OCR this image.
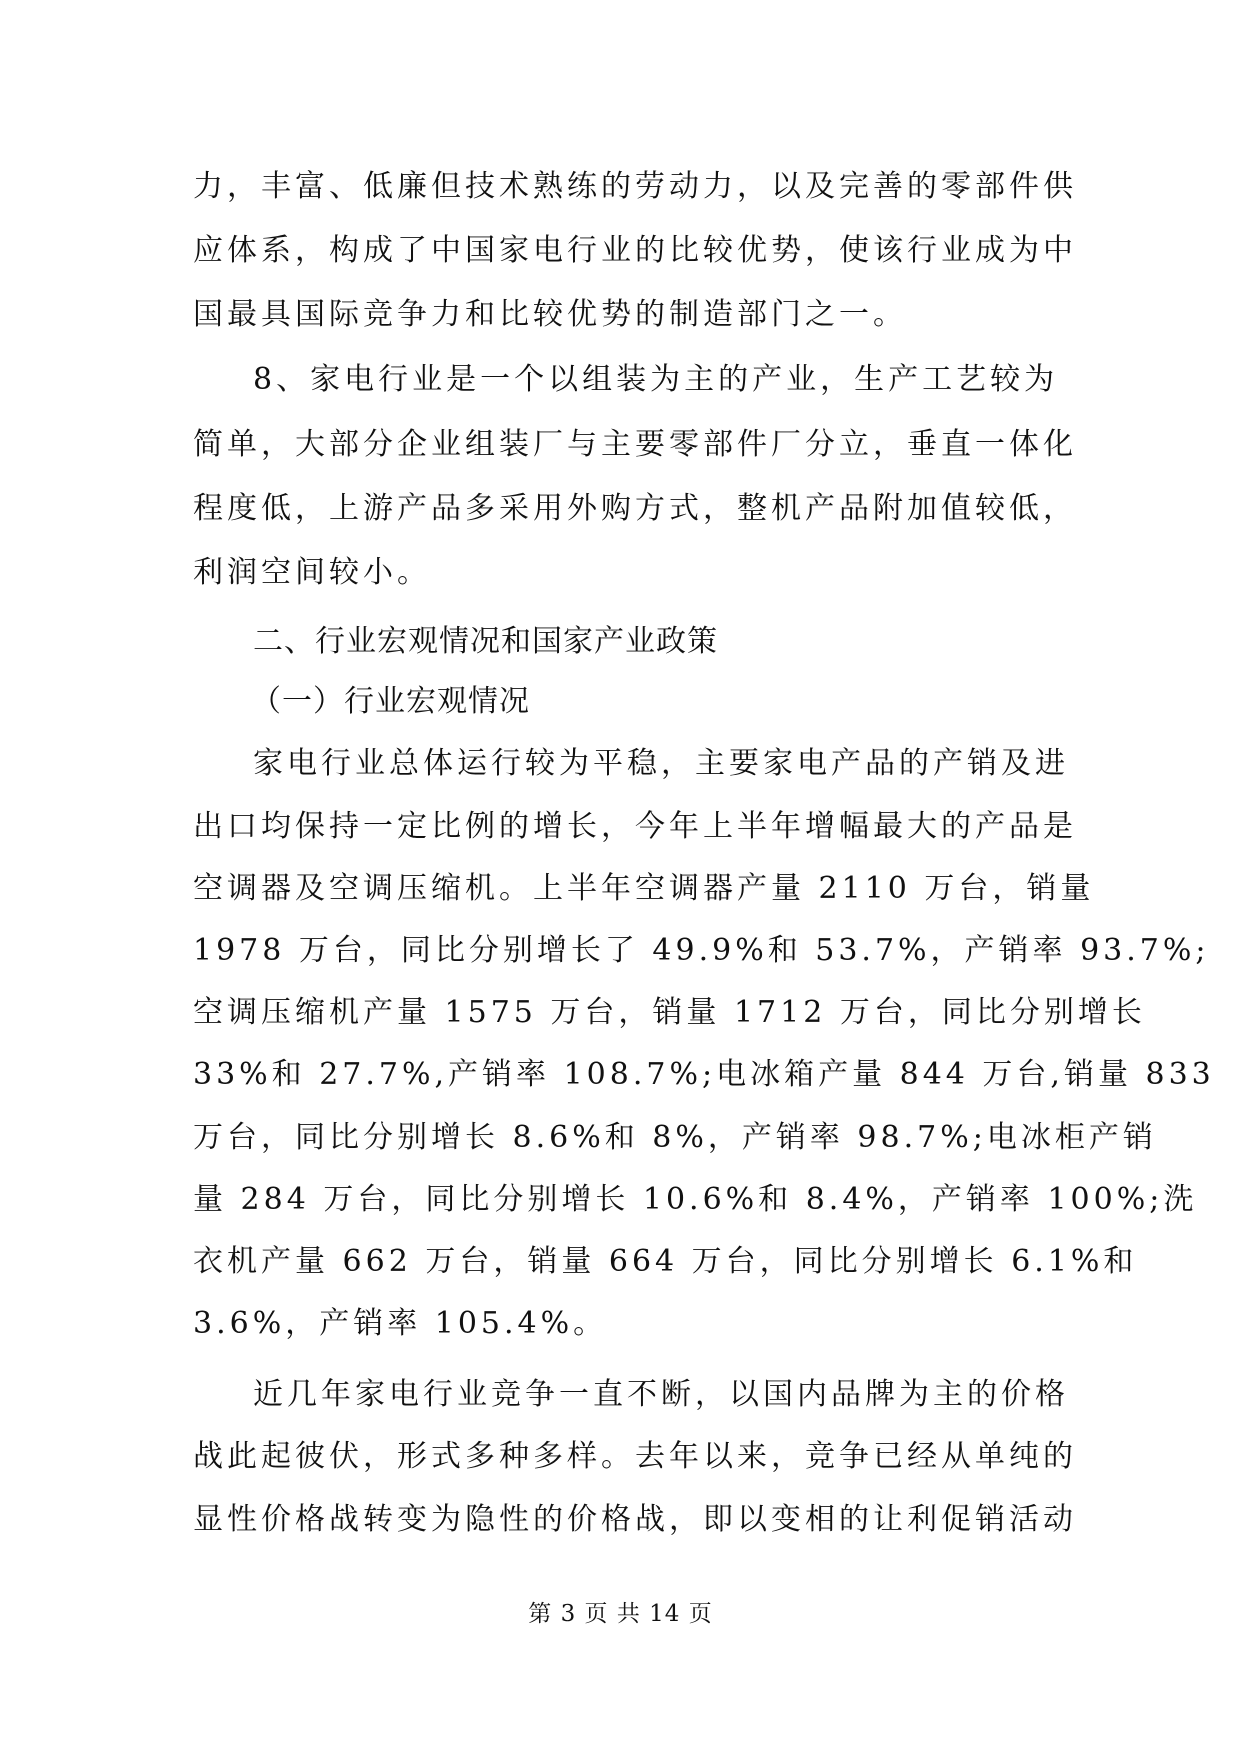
力，丰富、低廉但技术熟练的劳动力，以及完善的零部件供
应体系，构成了中国家电行业的比较优势，使该行业成为中
国最具国际竞争力和比较优势的制造部门之一。
8、家电行业是一个以组装为主的产业，生产工艺较为
简单，大部分企业组装厂与主要零部件厂分立，垂直一体化
程度低，上游产品多采用外购方式，整机产品附加值较低，
利润空间较小。
二、行业宏观情况和国家产业政策
（一）行业宏观情况
家电行业总体运行较为平稳，主要家电产品的产销及进
出口均保持一定比例的增长，今年上半年增幅最大的产品是
空调器及空调压缩机。上半年空调器产量 2110 万台，销量
1978 万台，同比分别增长了 49.9%和 53.7%，产销率 93.7%;
空调压缩机产量 1575 万台，销量 1712 万台，同比分别增长
33%和 27.7%,产销率 108.7%;电冰箱产量 844 万台,销量 833
万台，同比分别增长 8.6%和 8%，产销率 98.7%;电冰柜产销
量 284 万台，同比分别增长 10.6%和 8.4%，产销率 100%;洗
衣机产量 662 万台，销量 664 万台，同比分别增长 6.1%和
3.6%，产销率 105.4%。
近几年家电行业竞争一直不断，以国内品牌为主的价格
战此起彼伏，形式多种多样。去年以来，竞争已经从单纯的
显性价格战转变为隐性的价格战，即以变相的让利促销活动
第 3 页 共 14 页
